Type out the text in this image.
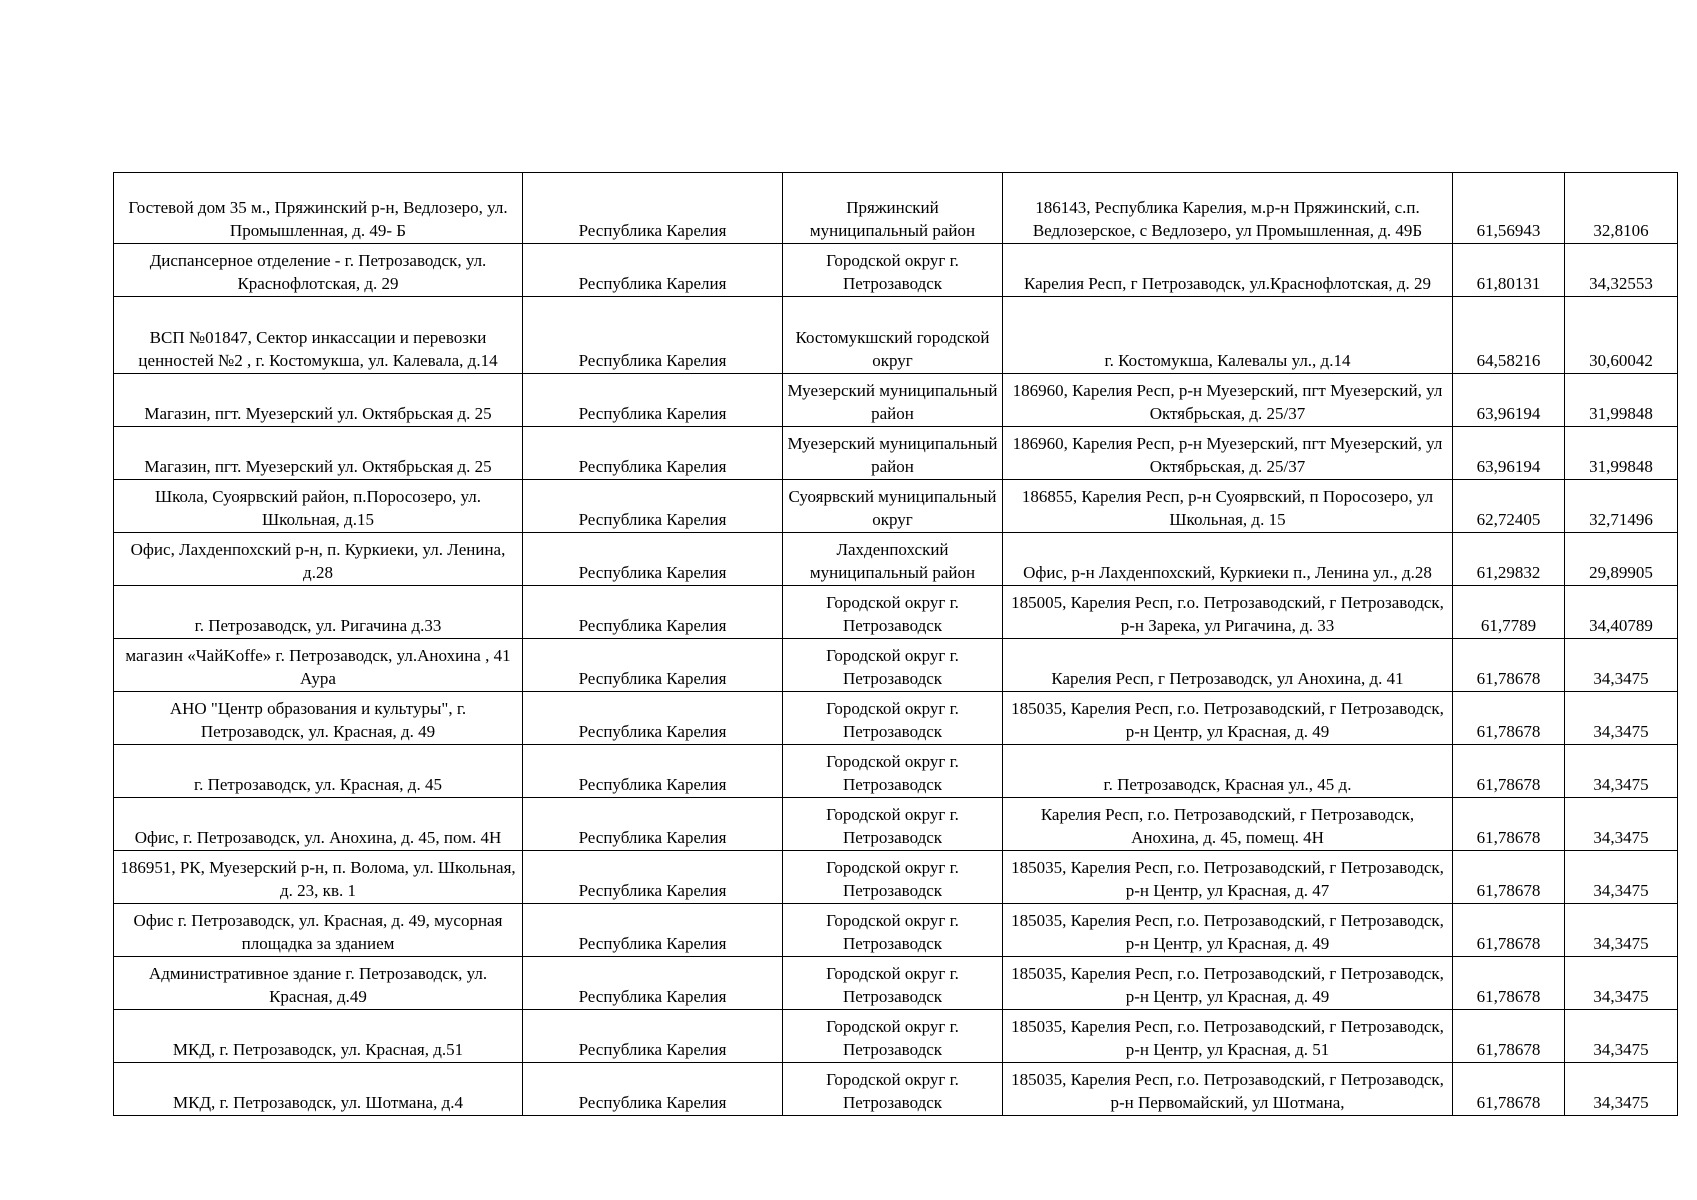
Гостевой дом 35 м., Пряжинский р-н, Ведлозеро, ул. Промышленная, д. 49- Б	Республика Карелия	Пряжинский муниципальный район	186143, Республика Карелия, м.р-н Пряжинский, с.п. Ведлозерское, с Ведлозеро, ул Промышленная, д. 49Б	61,56943	32,8106
Диспансерное отделение - г. Петрозаводск, ул. Краснофлотская, д. 29	Республика Карелия	Городской округ г. Петрозаводск	Карелия Респ, г Петрозаводск, ул.Краснофлотская, д. 29	61,80131	34,32553
ВСП №01847, Сектор инкассации и перевозки ценностей №2 , г. Костомукша, ул. Калевала, д.14	Республика Карелия	Костомукшский городской округ	г. Костомукша, Калевалы ул., д.14	64,58216	30,60042
Магазин, пгт. Муезерский ул. Октябрьская д. 25	Республика Карелия	Муезерский муниципальный район	186960, Карелия Респ, р-н Муезерский, пгт Муезерский, ул Октябрьская, д. 25/37	63,96194	31,99848
Магазин, пгт. Муезерский ул. Октябрьская д. 25	Республика Карелия	Муезерский муниципальный район	186960, Карелия Респ, р-н Муезерский, пгт Муезерский, ул Октябрьская, д. 25/37	63,96194	31,99848
Школа, Суоярвский район, п.Поросозеро, ул. Школьная, д.15	Республика Карелия	Суоярвский муниципальный округ	186855, Карелия Респ, р-н Суоярвский, п Поросозеро, ул Школьная, д. 15	62,72405	32,71496
Офис, Лахденпохский р-н, п. Куркиеки, ул. Ленина, д.28	Республика Карелия	Лахденпохский муниципальный район	Офис, р-н Лахденпохский, Куркиеки п., Ленина ул., д.28	61,29832	29,89905
г. Петрозаводск, ул. Ригачина д.33	Республика Карелия	Городской округ г. Петрозаводск	185005, Карелия Респ, г.о. Петрозаводский, г Петрозаводск, р-н Зарека, ул Ригачина, д. 33	61,7789	34,40789
магазин «ЧайKoffe» г. Петрозаводск, ул.Анохина , 41 Аура	Республика Карелия	Городской округ г. Петрозаводск	Карелия Респ, г Петрозаводск, ул Анохина, д. 41	61,78678	34,3475
АНО "Центр образования и культуры", г. Петрозаводск, ул. Красная, д. 49	Республика Карелия	Городской округ г. Петрозаводск	185035, Карелия Респ, г.о. Петрозаводский, г Петрозаводск, р-н Центр, ул Красная, д. 49	61,78678	34,3475
г. Петрозаводск, ул. Красная, д. 45	Республика Карелия	Городской округ г. Петрозаводск	г. Петрозаводск, Красная ул., 45 д.	61,78678	34,3475
Офис, г. Петрозаводск, ул. Анохина, д. 45, пом. 4Н	Республика Карелия	Городской округ г. Петрозаводск	Карелия Респ, г.о. Петрозаводский, г Петрозаводск, Анохина, д. 45, помещ. 4Н	61,78678	34,3475
186951, РК, Муезерский р-н, п. Волома, ул. Школьная, д. 23, кв. 1	Республика Карелия	Городской округ г. Петрозаводск	185035, Карелия Респ, г.о. Петрозаводский, г Петрозаводск, р-н Центр, ул Красная, д. 47	61,78678	34,3475
Офис г. Петрозаводск, ул. Красная, д. 49, мусорная площадка за зданием	Республика Карелия	Городской округ г. Петрозаводск	185035, Карелия Респ, г.о. Петрозаводский, г Петрозаводск, р-н Центр, ул Красная, д. 49	61,78678	34,3475
Административное здание г. Петрозаводск, ул. Красная, д.49	Республика Карелия	Городской округ г. Петрозаводск	185035, Карелия Респ, г.о. Петрозаводский, г Петрозаводск, р-н Центр, ул Красная, д. 49	61,78678	34,3475
МКД, г. Петрозаводск, ул. Красная, д.51	Республика Карелия	Городской округ г. Петрозаводск	185035, Карелия Респ, г.о. Петрозаводский, г Петрозаводск, р-н Центр, ул Красная, д. 51	61,78678	34,3475
МКД, г. Петрозаводск, ул. Шотмана, д.4	Республика Карелия	Городской округ г. Петрозаводск	185035, Карелия Респ, г.о. Петрозаводский, г Петрозаводск, р-н Первомайский, ул Шотмана,	61,78678	34,3475
